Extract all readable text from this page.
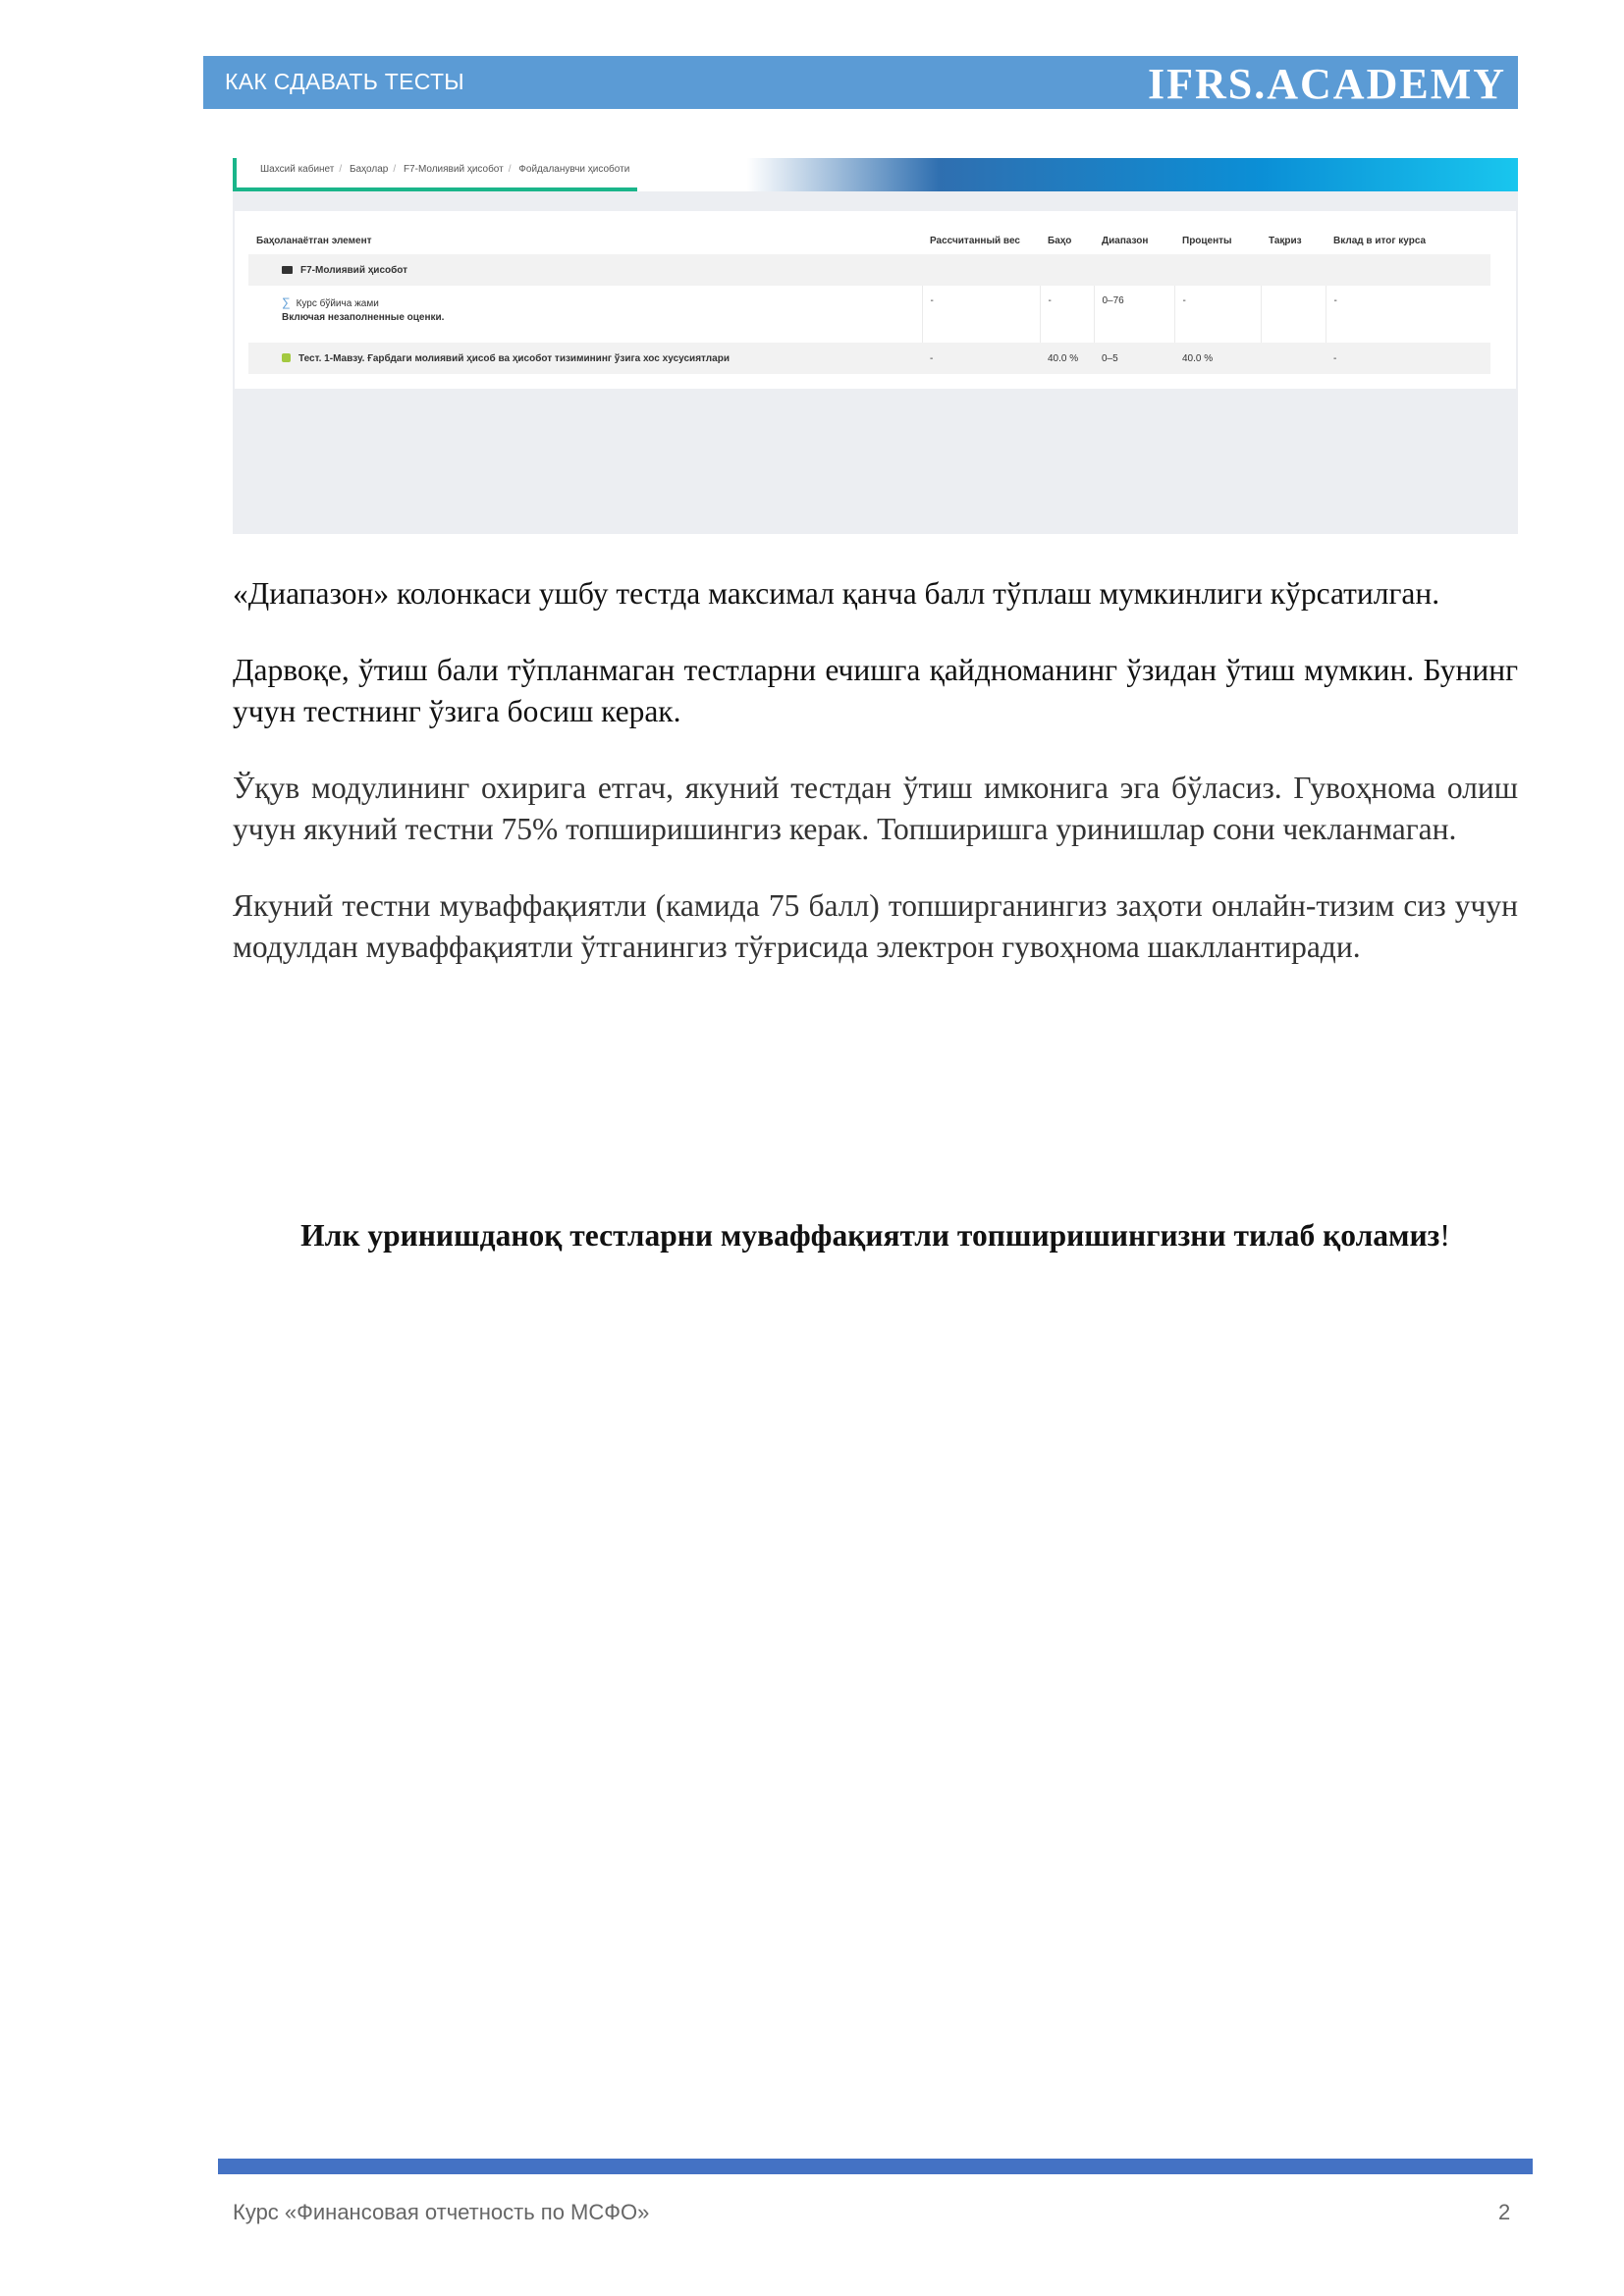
КАК СДАВАТЬ ТЕСТЫ	IFRS.ACADEMY
Шахсий кабинет / Баҳолар / F7-Молиявий ҳисобот / Фойдаланувчи ҳисоботи
Баҳоланаётган элемент	Рассчитанный вес	Баҳо	Диапазон	Проценты	Тақриз	Вклад в итог курса
F7-Молиявий ҳисобот						
∑ Курс бўйича жами
Включая незаполненные оценки.	-	-	0–76	-		-
Тест. 1-Мавзу. Ғарбдаги молиявий ҳисоб ва ҳисобот тизимининг ўзига хос хусусиятлари	-	40.0 %	0–5	40.0 %		-

«Диапазон» колонкаси ушбу тестда максимал қанча балл тўплаш мумкинлиги кўрсатилган.

Дарвоқе, ўтиш бали тўпланмаган тестларни ечишга қайдноманинг ўзидан ўтиш мумкин. Бунинг учун тестнинг ўзига босиш керак.

Ўқув модулининг охирига етгач, якуний тестдан ўтиш имконига эга бўласиз. Гувоҳнома олиш учун якуний тестни 75% топширишингиз керак. Топширишга уринишлар сони чекланмаган.

Якуний тестни муваффақиятли (камида 75 балл) топширганингиз заҳоти онлайн-тизим сиз учун модулдан муваффақиятли ўтганингиз тўғрисида электрон гувоҳнома шакллантиради.

Илк уринишданоқ тестларни муваффақиятли топширишингизни тилаб қоламиз!
Курс «Финансовая отчетность по МСФО»	2
